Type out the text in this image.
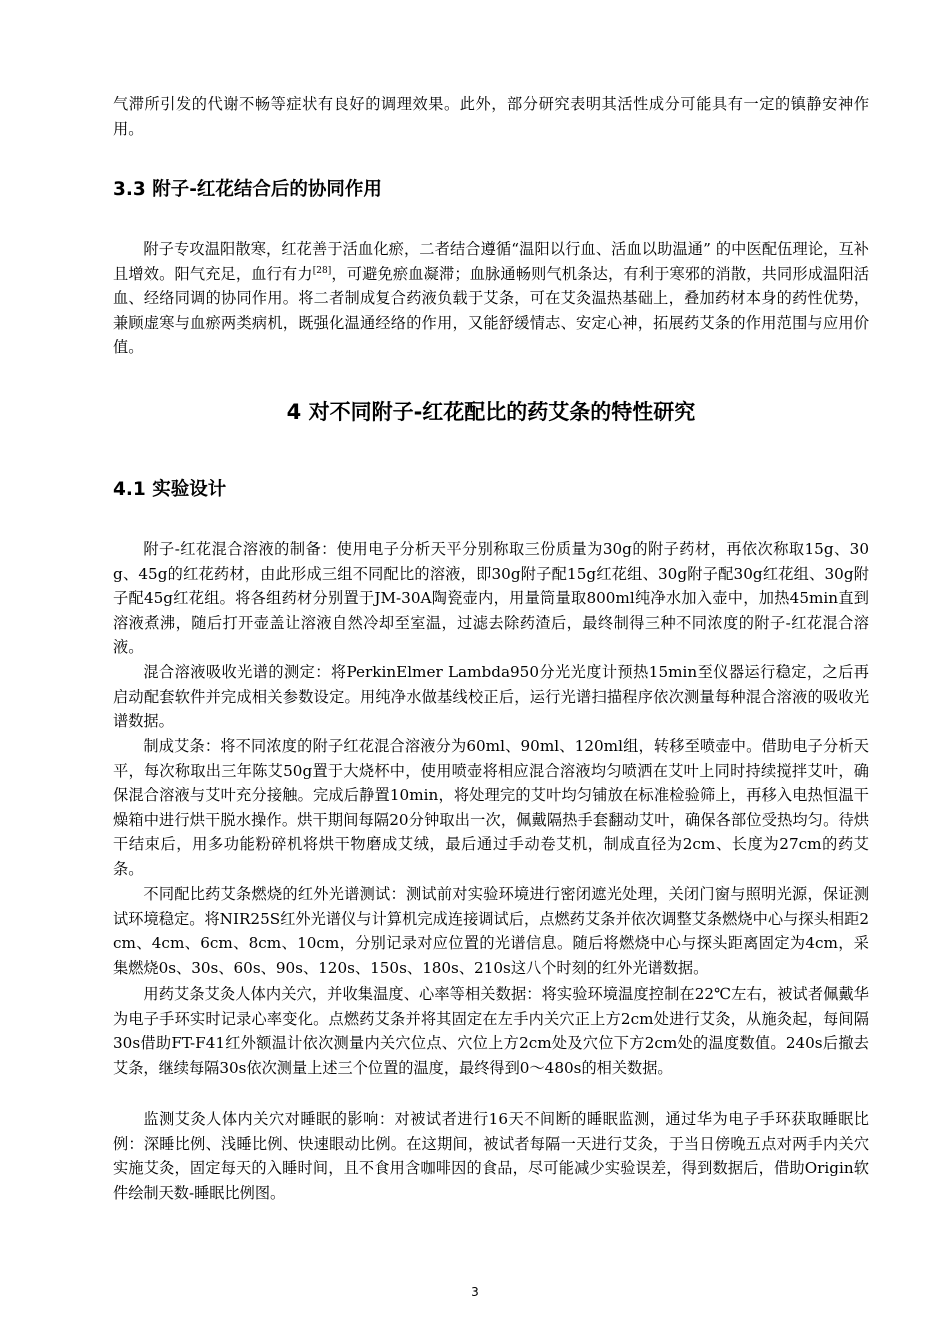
气滞所引发的代谢不畅等症状有良好的调理效果。此外，部分研究表明其活性成分可能具有一定的镇静安神作用。

3.3 附子-红花结合后的协同作用

附子专攻温阳散寒，红花善于活血化瘀，二者结合遵循“温阳以行血、活血以助温通” 的中医配伍理论，互补且增效。阳气充足，血行有力[28]，可避免瘀血凝滞；血脉通畅则气机条达，有利于寒邪的消散，共同形成温阳活血、经络同调的协同作用。将二者制成复合药液负载于艾条，可在艾灸温热基础上，叠加药材本身的药性优势，兼顾虚寒与血瘀两类病机，既强化温通经络的作用，又能舒缓情志、安定心神，拓展药艾条的作用范围与应用价值。

4 对不同附子-红花配比的药艾条的特性研究
4.1 实验设计

附子-红花混合溶液的制备：使用电子分析天平分别称取三份质量为30g的附子药材，再依次称取15g、30g、45g的红花药材，由此形成三组不同配比的溶液，即30g附子配15g红花组、30g附子配30g红花组、30g附子配45g红花组。将各组药材分别置于JM-30A陶瓷壶内，用量筒量取800ml纯净水加入壶中，加热45min直到溶液煮沸，随后打开壶盖让溶液自然冷却至室温，过滤去除药渣后，最终制得三种不同浓度的附子-红花混合溶液。

混合溶液吸收光谱的测定：将PerkinElmer Lambda950分光光度计预热15min至仪器运行稳定，之后再启动配套软件并完成相关参数设定。用纯净水做基线校正后，运行光谱扫描程序依次测量每种混合溶液的吸收光谱数据。

制成艾条：将不同浓度的附子红花混合溶液分为60ml、90ml、120ml组，转移至喷壶中。借助电子分析天平，每次称取出三年陈艾50g置于大烧杯中，使用喷壶将相应混合溶液均匀喷洒在艾叶上同时持续搅拌艾叶，确保混合溶液与艾叶充分接触。完成后静置10min，将处理完的艾叶均匀铺放在标准检验筛上，再移入电热恒温干燥箱中进行烘干脱水操作。烘干期间每隔20分钟取出一次，佩戴隔热手套翻动艾叶，确保各部位受热均匀。待烘干结束后，用多功能粉碎机将烘干物磨成艾绒，最后通过手动卷艾机，制成直径为2cm、长度为27cm的药艾条。

不同配比药艾条燃烧的红外光谱测试：测试前对实验环境进行密闭遮光处理，关闭门窗与照明光源，保证测试环境稳定。将NIR25S红外光谱仪与计算机完成连接调试后，点燃药艾条并依次调整艾条燃烧中心与探头相距2cm、4cm、6cm、8cm、10cm，分别记录对应位置的光谱信息。随后将燃烧中心与探头距离固定为4cm，采集燃烧0s、30s、60s、90s、120s、150s、180s、210s这八个时刻的红外光谱数据。

用药艾条艾灸人体内关穴，并收集温度、心率等相关数据：将实验环境温度控制在22℃左右，被试者佩戴华为电子手环实时记录心率变化。点燃药艾条并将其固定在左手内关穴正上方2cm处进行艾灸，从施灸起，每间隔30s借助FT-F41红外额温计依次测量内关穴位点、穴位上方2cm处及穴位下方2cm处的温度数值。240s后撤去艾条，继续每隔30s依次测量上述三个位置的温度，最终得到0～480s的相关数据。

监测艾灸人体内关穴对睡眠的影响：对被试者进行16天不间断的睡眠监测，通过华为电子手环获取睡眠比例：深睡比例、浅睡比例、快速眼动比例。在这期间，被试者每隔一天进行艾灸，于当日傍晚五点对两手内关穴实施艾灸，固定每天的入睡时间，且不食用含咖啡因的食品，尽可能减少实验误差，得到数据后，借助Origin软件绘制天数-睡眠比例图。

3
